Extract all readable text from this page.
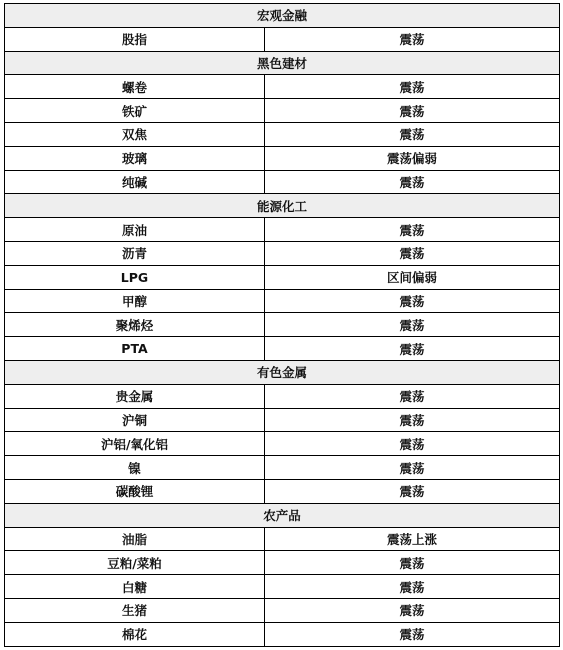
宏观金融	
股指	震荡
黑色建材	
螺卷	震荡
铁矿	震荡
双焦	震荡
玻璃	震荡偏弱
纯碱	震荡
能源化工	
原油	震荡
沥青	震荡
LPG	区间偏弱
甲醇	震荡
聚烯烃	震荡
PTA	震荡
有色金属	
贵金属	震荡
沪铜	震荡
沪铝/氧化铝	震荡
镍	震荡
碳酸锂	震荡
农产品	
油脂	震荡上涨
豆粕/菜粕	震荡
白糖	震荡
生猪	震荡
棉花	震荡
